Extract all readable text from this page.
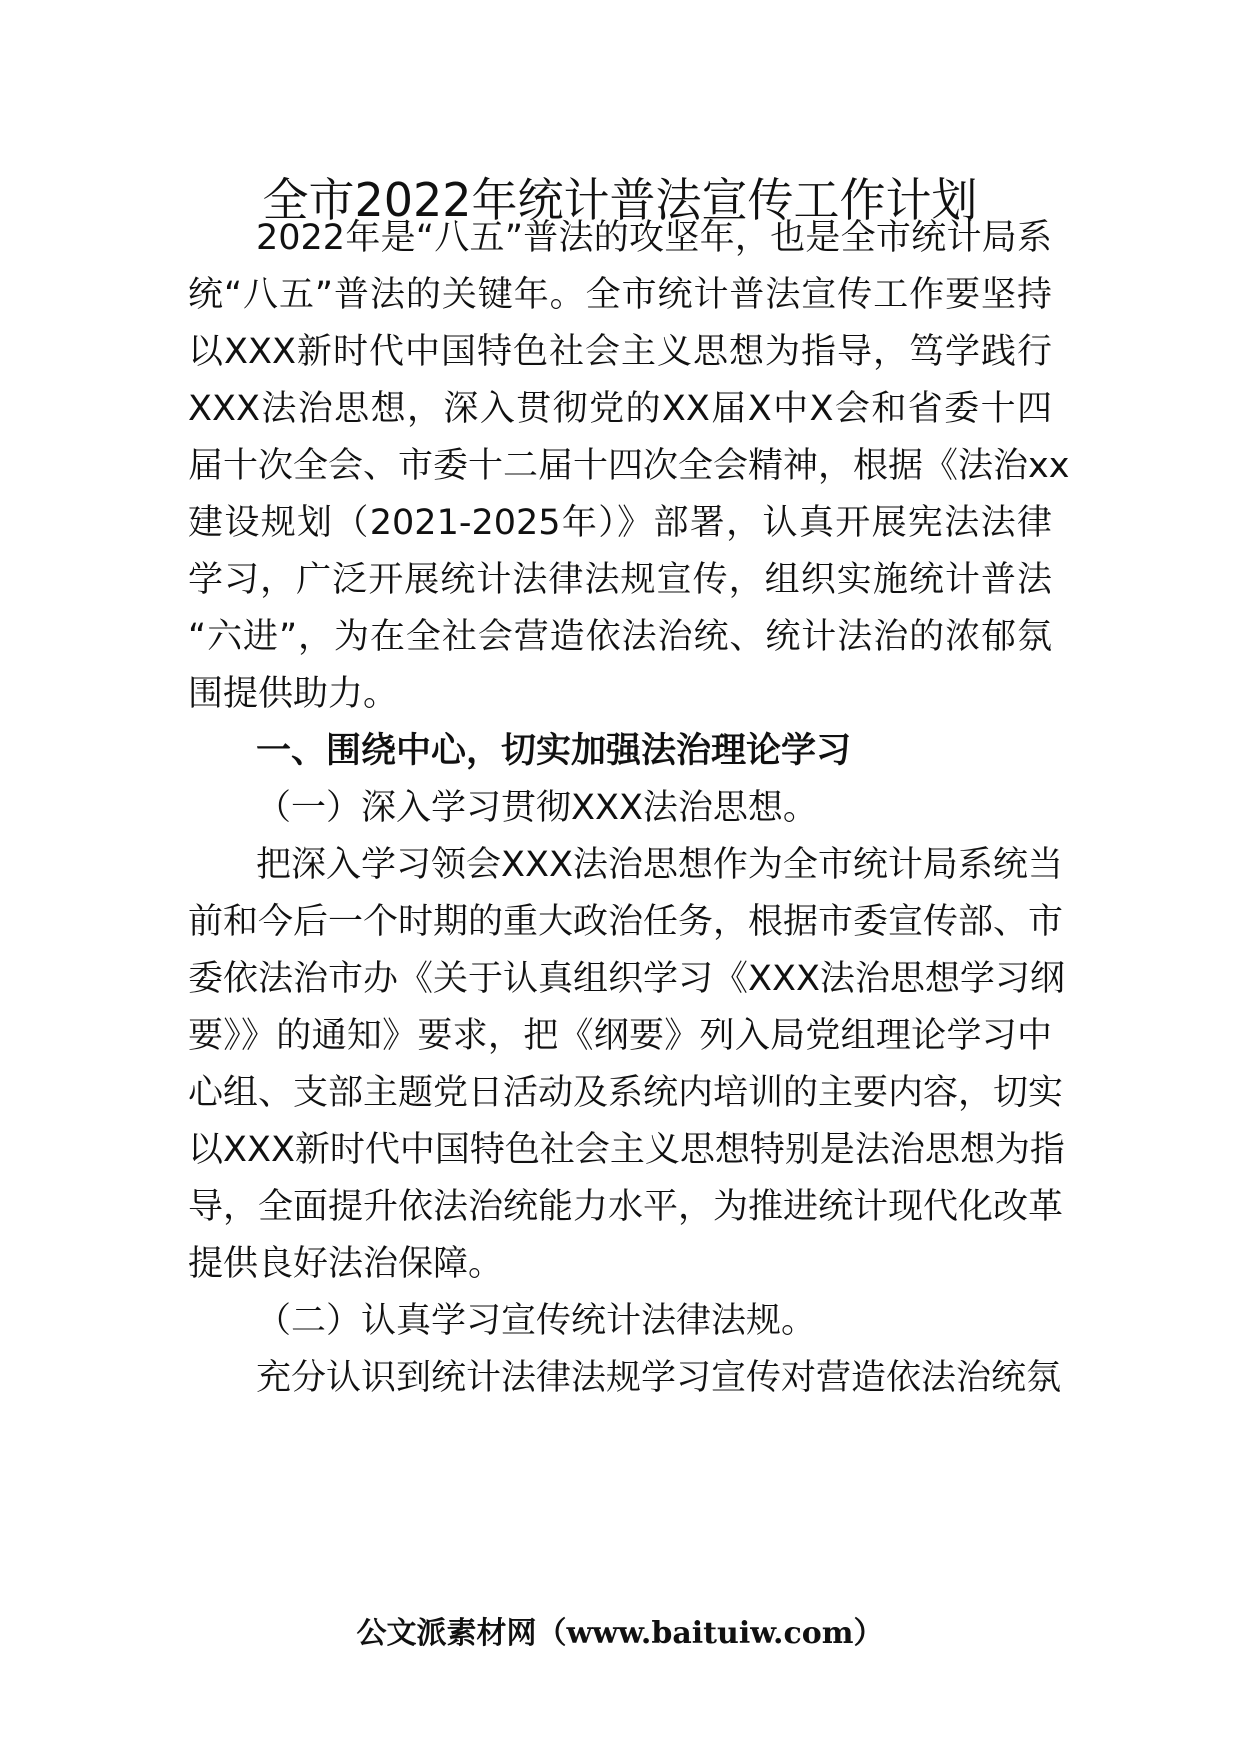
全市2022年统计普法宣传工作计划
2022年是“八五”普法的攻坚年，也是全市统计局系
统“八五”普法的关键年。全市统计普法宣传工作要坚持
以XXX新时代中国特色社会主义思想为指导，笃学践行
XXX法治思想，深入贯彻党的XX届X中X会和省委十四
届十次全会、市委十二届十四次全会精神，根据《法治xx
建设规划（2021-2025年）》部署，认真开展宪法法律
学习，广泛开展统计法律法规宣传，组织实施统计普法
“六进”，为在全社会营造依法治统、统计法治的浓郁氛
围提供助力。
一、围绕中心，切实加强法治理论学习
（一）深入学习贯彻XXX法治思想。
把深入学习领会XXX法治思想作为全市统计局系统当
前和今后一个时期的重大政治任务，根据市委宣传部、市
委依法治市办《关于认真组织学习《XXX法治思想学习纲
要》》的通知》要求，把《纲要》列入局党组理论学习中
心组、支部主题党日活动及系统内培训的主要内容，切实
以XXX新时代中国特色社会主义思想特别是法治思想为指
导，全面提升依法治统能力水平，为推进统计现代化改革
提供良好法治保障。
（二）认真学习宣传统计法律法规。
充分认识到统计法律法规学习宣传对营造依法治统氛
公文派素材网（www.baituiw.com）
